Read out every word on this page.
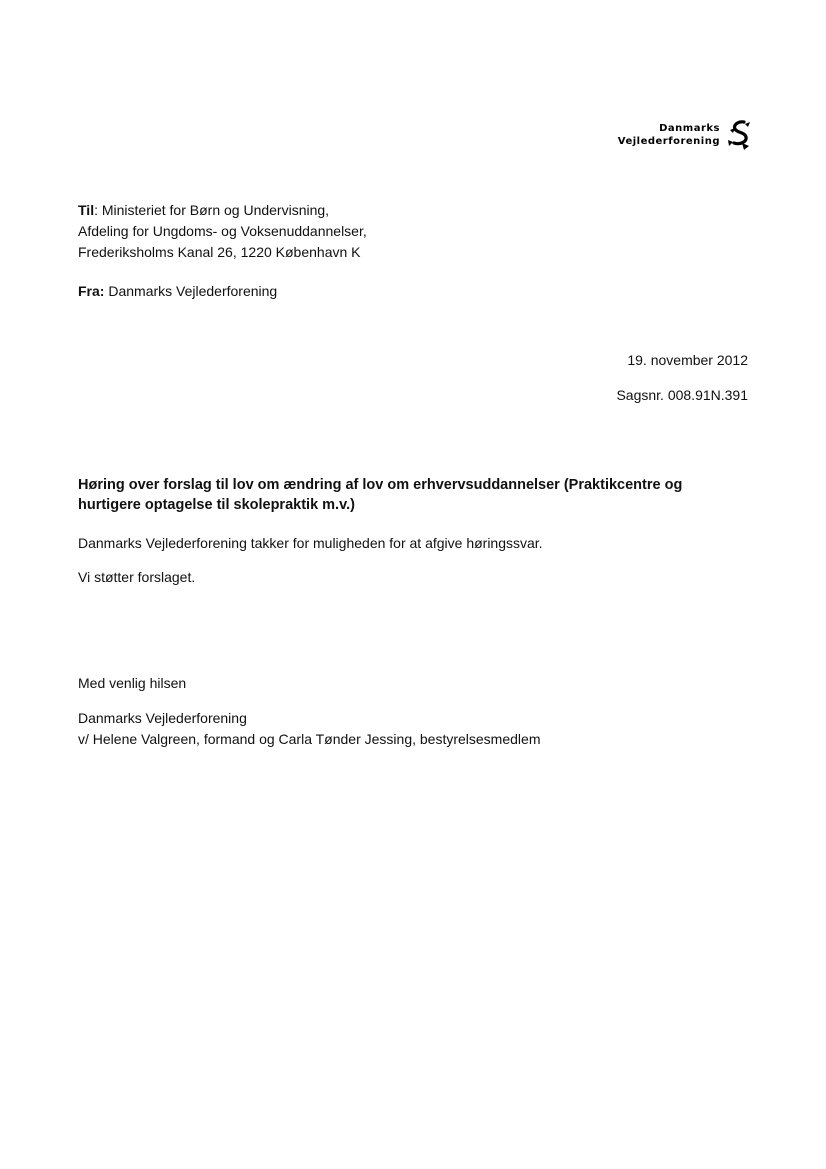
Danmarks
Vejlederforening
Til: Ministeriet for Børn og Undervisning,
Afdeling for Ungdoms- og Voksenuddannelser,
Frederiksholms Kanal 26, 1220 København K
Fra: Danmarks Vejlederforening
19. november 2012
Sagsnr. 008.91N.391
Høring over forslag til lov om ændring af lov om erhvervsuddannelser (Praktikcentre og hurtigere optagelse til skolepraktik m.v.)
Danmarks Vejlederforening takker for muligheden for at afgive høringssvar.
Vi støtter forslaget.
Med venlig hilsen
Danmarks Vejlederforening
v/ Helene Valgreen, formand og Carla Tønder Jessing, bestyrelsesmedlem
